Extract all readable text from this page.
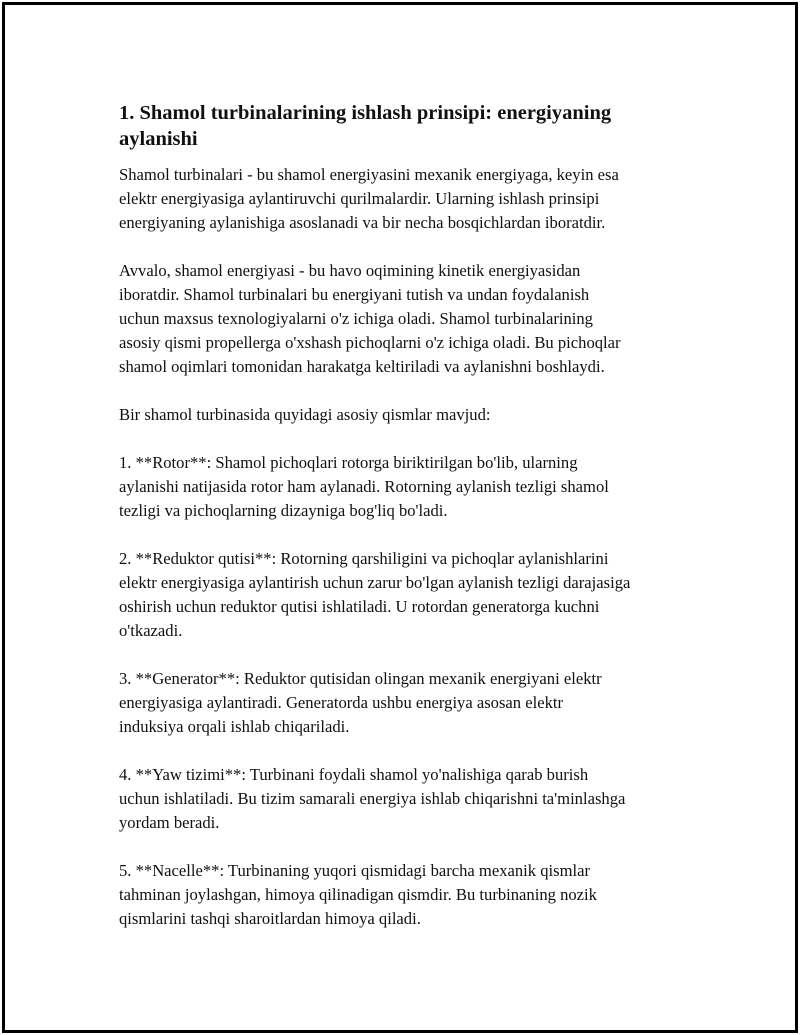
1. Shamol turbinalarining ishlash prinsipi: energiyaning
aylanishi

Shamol turbinalari - bu shamol energiyasini mexanik energiyaga, keyin esa
elektr energiyasiga aylantiruvchi qurilmalardir. Ularning ishlash prinsipi
energiyaning aylanishiga asoslanadi va bir necha bosqichlardan iboratdir.

Avvalo, shamol energiyasi - bu havo oqimining kinetik energiyasidan
iboratdir. Shamol turbinalari bu energiyani tutish va undan foydalanish
uchun maxsus texnologiyalarni o'z ichiga oladi. Shamol turbinalarining
asosiy qismi propellerga o'xshash pichoqlarni o'z ichiga oladi. Bu pichoqlar
shamol oqimlari tomonidan harakatga keltiriladi va aylanishni boshlaydi.

Bir shamol turbinasida quyidagi asosiy qismlar mavjud:

1. **Rotor**: Shamol pichoqlari rotorga biriktirilgan bo'lib, ularning
aylanishi natijasida rotor ham aylanadi. Rotorning aylanish tezligi shamol
tezligi va pichoqlarning dizayniga bog'liq bo'ladi.

2. **Reduktor qutisi**: Rotorning qarshiligini va pichoqlar aylanishlarini
elektr energiyasiga aylantirish uchun zarur bo'lgan aylanish tezligi darajasiga
oshirish uchun reduktor qutisi ishlatiladi. U rotordan generatorga kuchni
o'tkazadi.

3. **Generator**: Reduktor qutisidan olingan mexanik energiyani elektr
energiyasiga aylantiradi. Generatorda ushbu energiya asosan elektr
induksiya orqali ishlab chiqariladi.

4. **Yaw tizimi**: Turbinani foydali shamol yo'nalishiga qarab burish
uchun ishlatiladi. Bu tizim samarali energiya ishlab chiqarishni ta'minlashga
yordam beradi.

5. **Nacelle**: Turbinaning yuqori qismidagi barcha mexanik qismlar
tahminan joylashgan, himoya qilinadigan qismdir. Bu turbinaning nozik
qismlarini tashqi sharoitlardan himoya qiladi.
